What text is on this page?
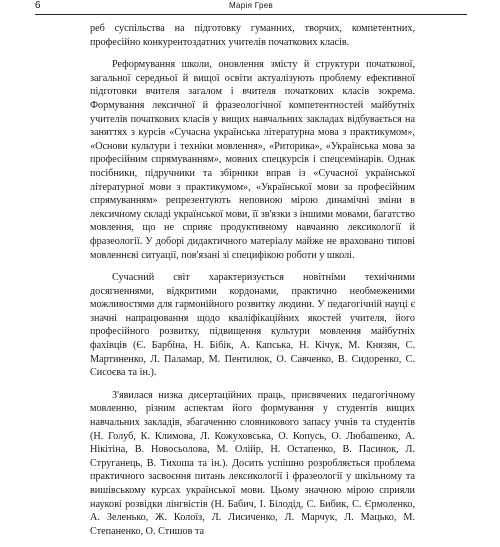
6	Марія Грев

реб суспільства на підготовку гуманних, творчих, компетентних, професійно конкурентоздатних учителів початкових класів.

Реформування школи, оновлення змісту й структури початкової, загальної середньої й вищої освіти актуалізують проблему ефективної підготовки вчителя загалом і вчителя початкових класів зокрема. Формування лексичної й фразеологічної компетентностей майбутніх учителів початкових класів у вищих навчальних закладах відбувається на заняттях з курсів «Сучасна українська літературна мова з практикумом», «Основи культури і техніки мовлення», «Риторика», «Українська мова за професійним спрямуванням», мовних спецкурсів і спецсемінарів. Однак посібники, підручники та збірники вправ із «Сучасної української літературної мови з практикумом», «Української мови за професійним спрямуванням» репрезентують неповною мірою динамічні зміни в лексичному складі української мови, її зв'язки з іншими мовами, багатство мовлення, що не сприяє продуктивному навчанню лексикології й фразеології. У доборі дидактичного матеріалу майже не враховано типові мовленнєві ситуації, пов'язані зі специфікою роботи у школі.

Сучасний світ характеризується новітніми технічними досягненнями, відкритими кордонами, практично необмеженими можливостями для гармонійного розвитку людини. У педагогічній науці є значні напрацювання щодо кваліфікаційних якостей учителя, його професійного розвитку, підвищення культури мовлення майбутніх фахівців (Є. Барбіна, Н. Бібік, А. Капська, Н. Кічук, М. Князян, С. Мартиненко, Л. Паламар, М. Пентилюк, О. Савченко, В. Сидоренко, С. Сисоєва та ін.).

З'явилася низка дисертаційних праць, присвячених педагогічному мовленню, різним аспектам його формування у студентів вищих навчальних закладів, збагаченню словникового запасу учнів та студентів (Н. Голуб, К. Климова, Л. Кожуховська, О. Копусь, О. Любашенко, А. Нікітіна, В. Новосьолова, М. Олійр, Н. Остапенко, В. Пасинок, Л. Струганець, В. Тихоша та ін.). Досить успішно розробляється проблема практичного засвоєння питань лексикології і фразеології у шкільному та вишівському курсах української мови. Цьому значною мірою сприяли наукові розвідки лінгвістів (Н. Бабич, І. Білодід, С. Бибик, С. Єрмоленко, А. Зеленько, Ж. Колоїз, Л. Лисиченко, Л. Марчук, Л. Мацько, М. Степаненко, О. Стишов та
